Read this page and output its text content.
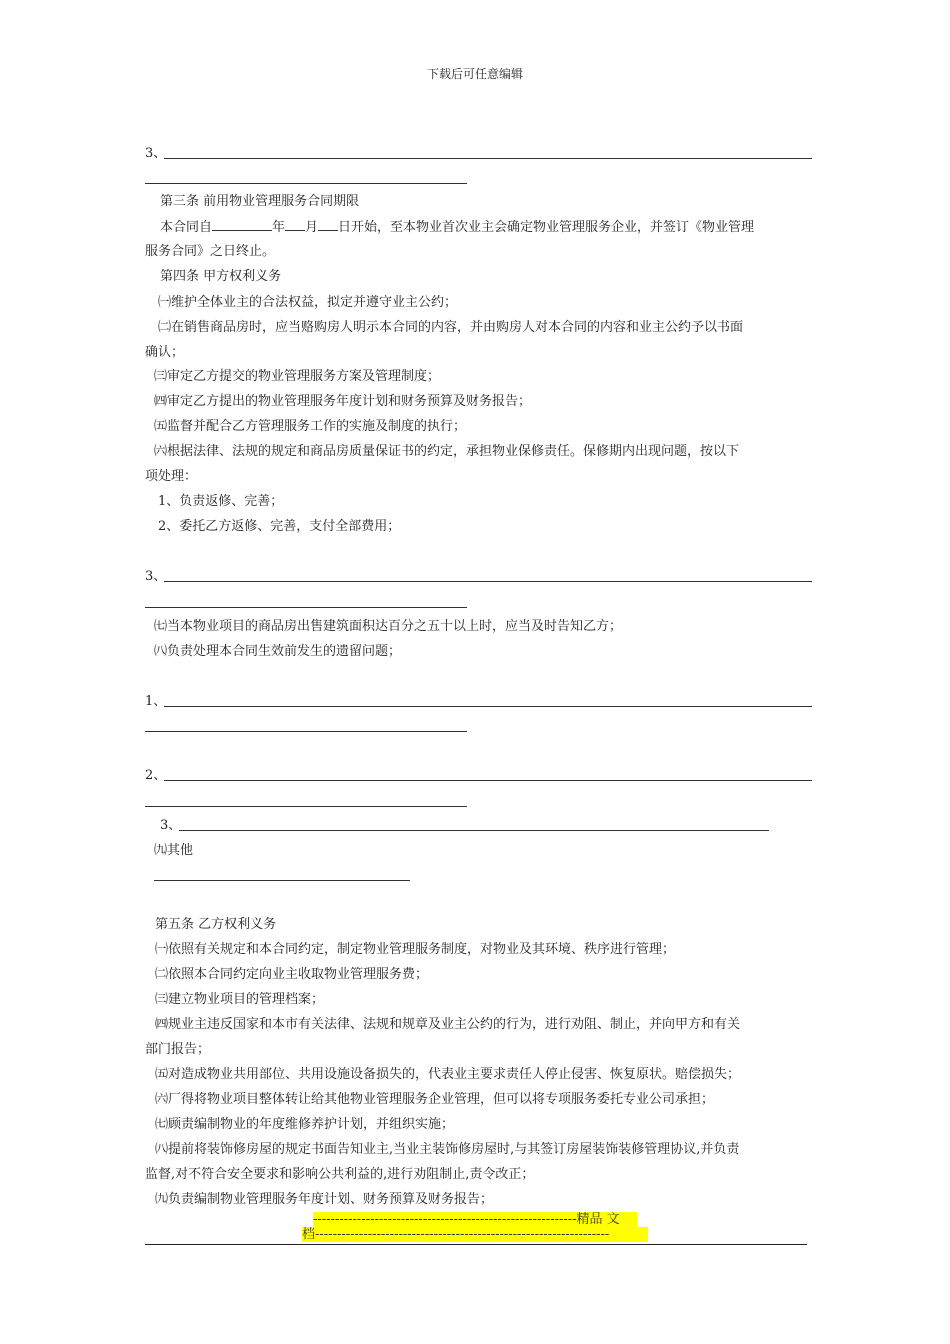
下载后可任意编辑
3、
第三条 前用物业管理服务合同期限
本合同自	年 月 日开始，至本物业首次业主会确定物业管理服务企业，并签订《物业管理
服务合同》之日终止。
第四条 甲方权利义务
㈠维护全体业主的合法权益，拟定并遵守业主公约；
㈡在销售商品房时，应当赂购房人明示本合同的内容，并由购房人对本合同的内容和业主公约予以书面
确认；
㈢审定乙方提交的物业管理服务方案及管理制度；
㈣审定乙方提出的物业管理服务年度计划和财务预算及财务报告；
㈤监督并配合乙方管理服务工作的实施及制度的执行；
㈥根据法律、法规的规定和商品房质量保证书的约定，承担物业保修责任。保修期内出现问题，按以下
项处理：
1、负责返修、完善；
2、委托乙方返修、完善，支付全部费用；
3、
㈦当本物业项目的商品房出售建筑面积达百分之五十以上时，应当及时告知乙方；
㈧负责处理本合同生效前发生的遗留问题；
1、
2、
3、
㈨其他
第五条 乙方权利义务
㈠依照有关规定和本合同约定，制定物业管理服务制度，对物业及其环境、秩序进行管理；
㈡依照本合同约定向业主收取物业管理服务费；
㈢建立物业项目的管理档案；
㈣规业主违反国家和本市有关法律、法规和规章及业主公约的行为，进行劝阻、制止，并向甲方和有关
部门报告；
㈤对造成物业共用部位、共用设施设备损失的，代表业主要求责任人停止侵害、恢复原状。赔偿损失；
㈥厂得将物业项目整体转让给其他物业管理服务企业管理，但可以将专项服务委托专业公司承担；
㈦顾责编制物业的年度维修养护计划，并组织实施；
㈧提前将装饰修房屋的规定书面告知业主,当业主装饰修房屋时,与其签订房屋装饰装修管理协议,并负责
监督,对不符合安全要求和影响公共利益的,进行劝阻制止,责令改正；
㈨负责编制物业管理服务年度计划、财务预算及财务报告；
------------------------------------------------------------精品 文
档-------------------------------------------------------------------
